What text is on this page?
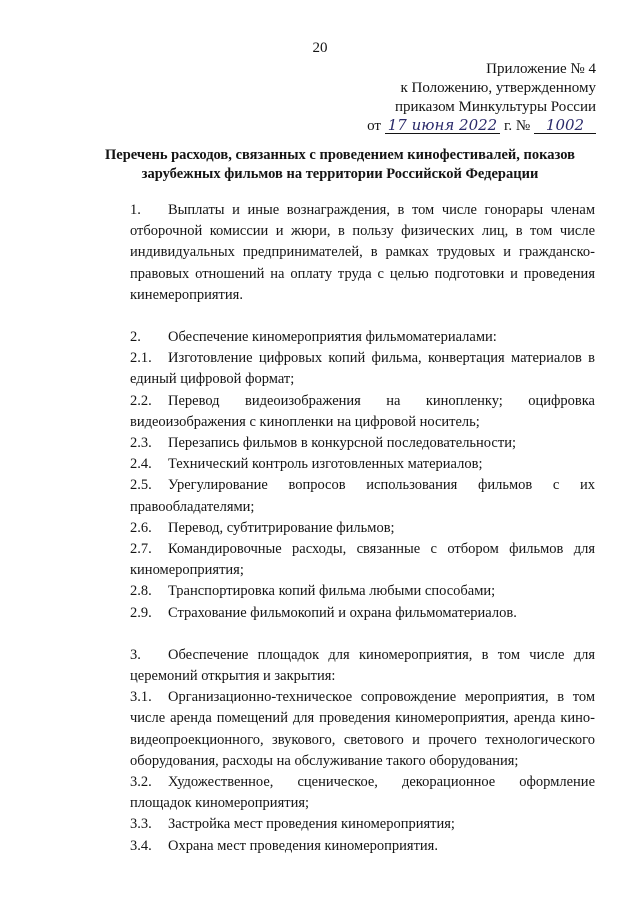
20
Приложение № 4
к Положению, утвержденному
приказом Минкультуры России
от 17 июня 2022 г. № 1002
Перечень расходов, связанных с проведением кинофестивалей, показов
зарубежных фильмов на территории Российской Федерации

1. Выплаты и иные вознаграждения, в том числе гонорары членам отборочной комиссии и жюри, в пользу физических лиц, в том числе индивидуальных предпринимателей, в рамках трудовых и гражданско-правовых отношений на оплату труда с целью подготовки и проведения кинемероприятия.

2. Обеспечение киномероприятия фильмоматериалами:

2.1. Изготовление цифровых копий фильма, конвертация материалов в единый цифровой формат;

2.2. Перевод видеоизображения на кинопленку; оцифровка видеоизображения с кинопленки на цифровой носитель;

2.3. Перезапись фильмов в конкурсной последовательности;

2.4. Технический контроль изготовленных материалов;

2.5. Урегулирование вопросов использования фильмов с их правообладателями;

2.6. Перевод, субтитрирование фильмов;

2.7. Командировочные расходы, связанные с отбором фильмов для киномероприятия;

2.8. Транспортировка копий фильма любыми способами;

2.9. Страхование фильмокопий и охрана фильмоматериалов.

3. Обеспечение площадок для киномероприятия, в том числе для церемоний открытия и закрытия:

3.1. Организационно-техническое сопровождение мероприятия, в том числе аренда помещений для проведения киномероприятия, аренда кино-видеопроекционного, звукового, светового и прочего технологического оборудования, расходы на обслуживание такого оборудования;

3.2. Художественное, сценическое, декорационное оформление площадок киномероприятия;

3.3. Застройка мест проведения киномероприятия;

3.4. Охрана мест проведения киномероприятия.
